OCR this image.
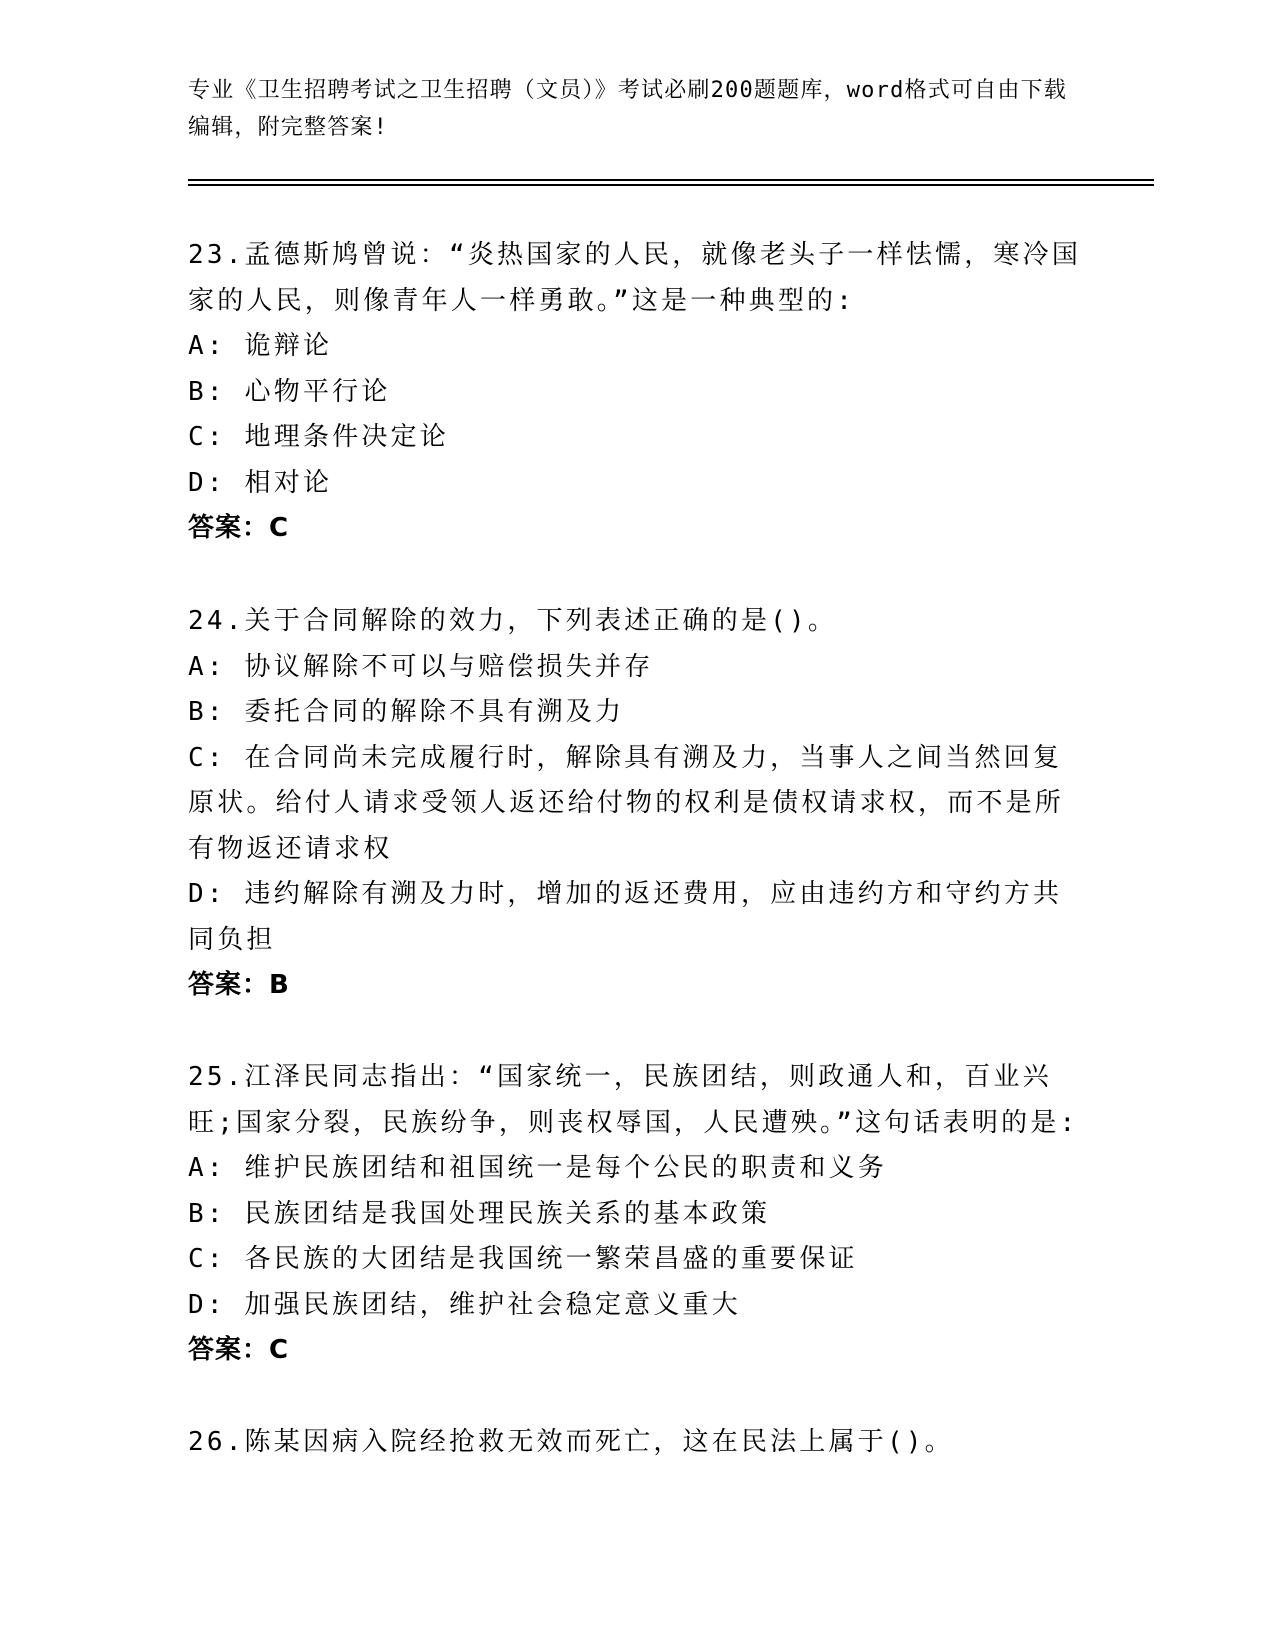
专业《卫生招聘考试之卫生招聘（文员）》考试必刷200题题库，word格式可自由下载编辑，附完整答案!

23.孟德斯鸠曾说：“炎热国家的人民，就像老头子一样怯懦，寒冷国家的人民，则像青年人一样勇敢。”这是一种典型的:

A: 诡辩论

B: 心物平行论

C: 地理条件决定论

D: 相对论

答案：C

24.关于合同解除的效力，下列表述正确的是()。

A: 协议解除不可以与赔偿损失并存

B: 委托合同的解除不具有溯及力

C: 在合同尚未完成履行时，解除具有溯及力，当事人之间当然回复原状。给付人请求受领人返还给付物的权利是债权请求权，而不是所有物返还请求权

D: 违约解除有溯及力时，增加的返还费用，应由违约方和守约方共同负担

答案：B

25.江泽民同志指出：“国家统一，民族团结，则政通人和，百业兴旺;国家分裂，民族纷争，则丧权辱国，人民遭殃。”这句话表明的是:

A: 维护民族团结和祖国统一是每个公民的职责和义务

B: 民族团结是我国处理民族关系的基本政策

C: 各民族的大团结是我国统一繁荣昌盛的重要保证

D: 加强民族团结，维护社会稳定意义重大

答案：C

26.陈某因病入院经抢救无效而死亡，这在民法上属于()。
